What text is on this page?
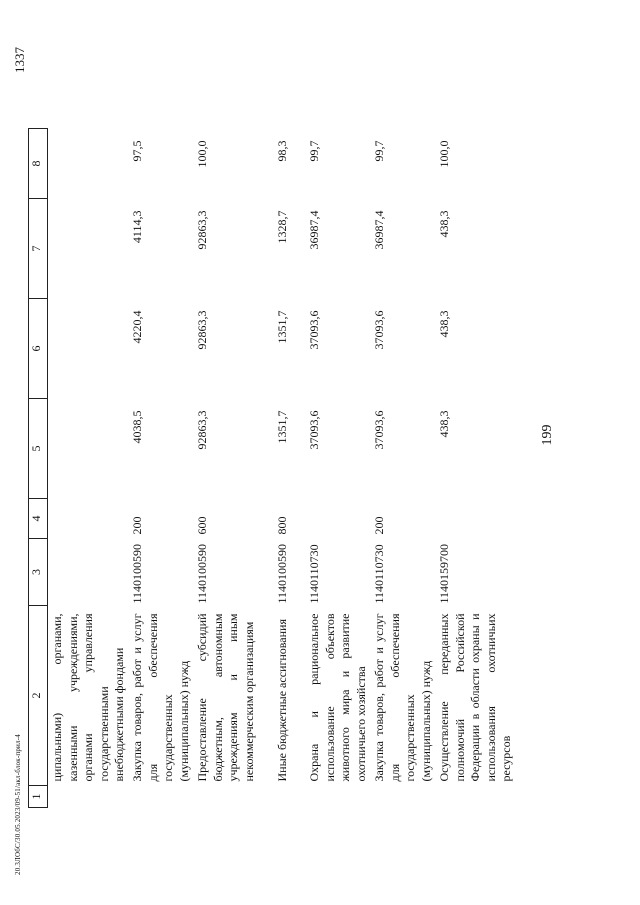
199
20.3ЛОбС/30.05.2023/09-51/акл-блок-прил-4
1337
1	2	3	4	5	6	7	8
	ципальными) органами, казенными учреждениями, органами управления государственными внебюджетными фондами						
	Закупка товаров, работ и услуг для обеспечения государственных (муниципальных) нужд	1140100590	200	4038,5	4220,4	4114,3	97,5
	Предоставление субсидий бюджетным, автономным учреждениям и иным некоммерческим организациям	1140100590	600	92863,3	92863,3	92863,3	100,0
	Иные бюджетные ассигнования	1140100590	800	1351,7	1351,7	1328,7	98,3
	Охрана и рациональное использование объектов животного мира и развитие охотничьего хозяйства	1140110730		37093,6	37093,6	36987,4	99,7
	Закупка товаров, работ и услуг для обеспечения государственных (муниципальных) нужд	1140110730	200	37093,6	37093,6	36987,4	99,7
	Осуществление переданных полномочий Российской Федерации в области охраны и использования охотничьих ресурсов	1140159700		438,3	438,3	438,3	100,0
